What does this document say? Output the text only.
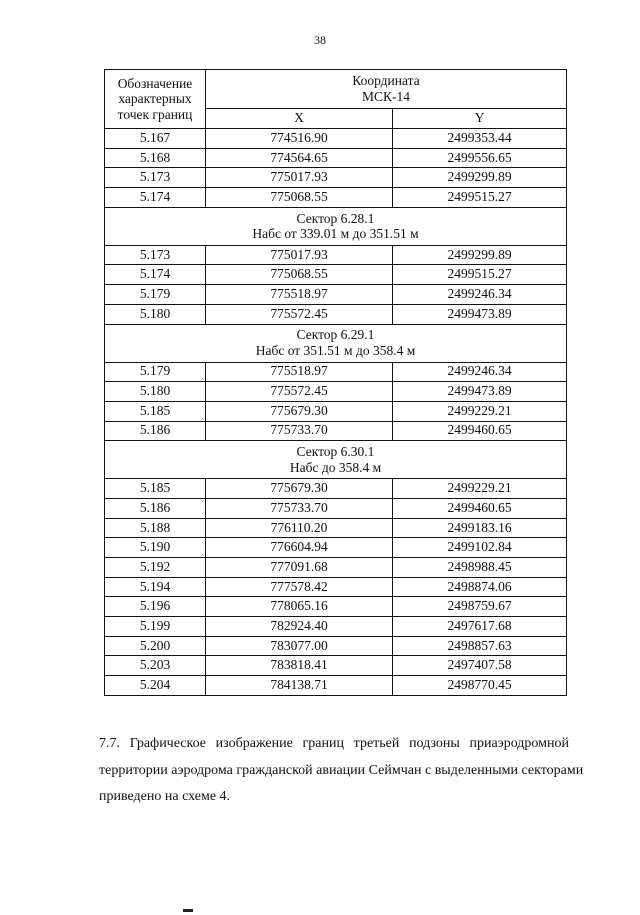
38
Обозначение характерных точек границ	Координата
МСК-14	

	X	Y
5.167	774516.90	2499353.44
5.168	774564.65	2499556.65
5.173	775017.93	2499299.89
5.174	775068.55	2499515.27

Сектор 6.28.1
Набс от 339.01 м до 351.51 м		

5.173	775017.93	2499299.89
5.174	775068.55	2499515.27
5.179	775518.97	2499246.34
5.180	775572.45	2499473.89

Сектор 6.29.1
Набс от 351.51 м до 358.4 м		

5.179	775518.97	2499246.34
5.180	775572.45	2499473.89
5.185	775679.30	2499229.21
5.186	775733.70	2499460.65

Сектор 6.30.1
Набс до 358.4 м		

5.185	775679.30	2499229.21
5.186	775733.70	2499460.65
5.188	776110.20	2499183.16
5.190	776604.94	2499102.84
5.192	777091.68	2498988.45
5.194	777578.42	2498874.06
5.196	778065.16	2498759.67
5.199	782924.40	2497617.68
5.200	783077.00	2498857.63
5.203	783818.41	2497407.58
5.204	784138.71	2498770.45
7.7. Графическое изображение границ третьей подзоны приаэродромной
территории аэродрома гражданской авиации Сеймчан с выделенными секторами
приведено на схеме 4.
